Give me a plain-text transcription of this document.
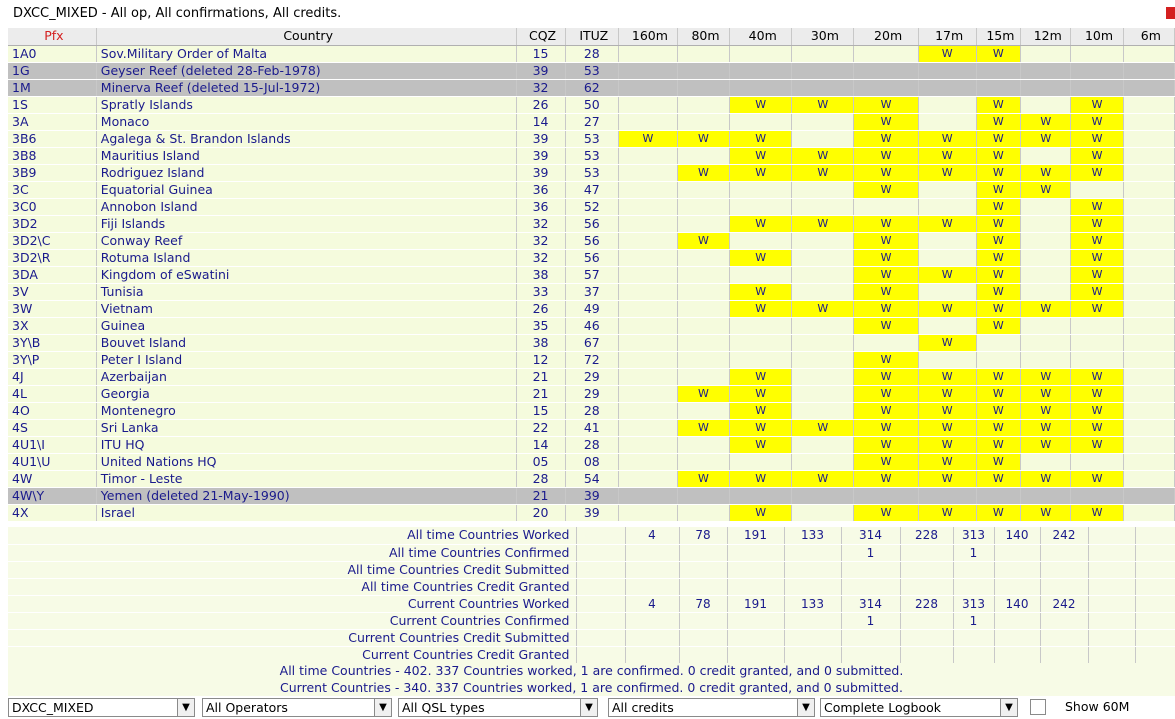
DXCC_MIXED - All op, All confirmations, All credits.
Pfx	Country	CQZ	ITUZ	160m	80m	40m	30m	20m	17m	15m	12m	10m	6m
1A0	Sov.Military Order of Malta	15	28						W	W			
1G	Geyser Reef (deleted 28-Feb-1978)	39	53										
1M	Minerva Reef (deleted 15-Jul-1972)	32	62										
1S	Spratly Islands	26	50			W	W	W		W		W	
3A	Monaco	14	27					W		W	W	W	
3B6	Agalega & St. Brandon Islands	39	53	W	W	W		W	W	W	W	W	
3B8	Mauritius Island	39	53			W	W	W	W	W		W	
3B9	Rodriguez Island	39	53		W	W	W	W	W	W	W	W	
3C	Equatorial Guinea	36	47					W		W	W		
3C0	Annobon Island	36	52							W		W	
3D2	Fiji Islands	32	56			W	W	W	W	W		W	
3D2\C	Conway Reef	32	56		W			W		W		W	
3D2\R	Rotuma Island	32	56			W		W		W		W	
3DA	Kingdom of eSwatini	38	57					W	W	W		W	
3V	Tunisia	33	37			W		W		W		W	
3W	Vietnam	26	49			W	W	W	W	W	W	W	
3X	Guinea	35	46					W		W			
3Y\B	Bouvet Island	38	67						W				
3Y\P	Peter I Island	12	72					W					
4J	Azerbaijan	21	29			W		W	W	W	W	W	
4L	Georgia	21	29		W	W		W	W	W	W	W	
4O	Montenegro	15	28			W		W	W	W	W	W	
4S	Sri Lanka	22	41		W	W	W	W	W	W	W	W	
4U1\I	ITU HQ	14	28			W		W	W	W	W	W	
4U1\U	United Nations HQ	05	08					W	W	W			
4W	Timor - Leste	28	54		W	W	W	W	W	W	W	W	
4W\Y	Yemen (deleted 21-May-1990)	21	39										
4X	Israel	20	39			W		W	W	W	W	W	
All time Countries Worked		4	78	191	133	314	228	313	140	242		
All time Countries Confirmed						1		1				
All time Countries Credit Submitted												
All time Countries Credit Granted												
Current Countries Worked		4	78	191	133	314	228	313	140	242		
Current Countries Confirmed						1		1				
Current Countries Credit Submitted												
Current Countries Credit Granted												
All time Countries - 402. 337 Countries worked, 1 are confirmed. 0 credit granted, and 0 submitted.
Current Countries - 340. 337 Countries worked, 1 are confirmed. 0 credit granted, and 0 submitted.
DXCC_MIXED	▼	All Operators	▼	All QSL types	▼	All credits	▼	Complete Logbook	▼	Show 60M
